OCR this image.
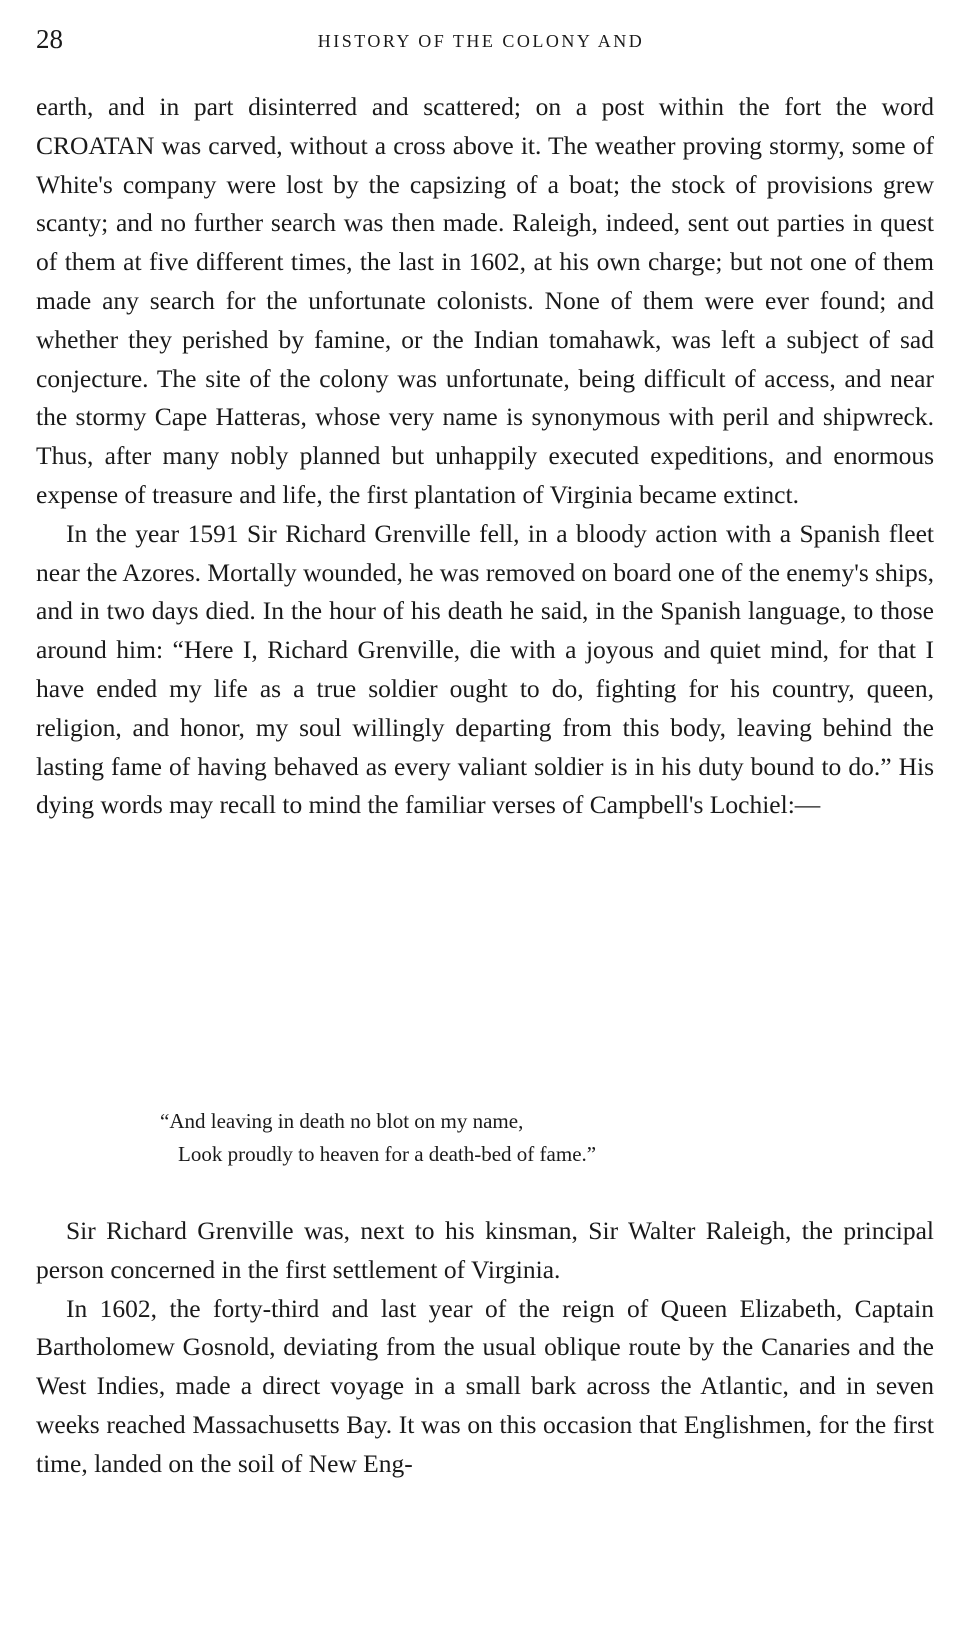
28	HISTORY OF THE COLONY AND

earth, and in part disinterred and scattered; on a post within the fort the word CROATAN was carved, without a cross above it. The weather proving stormy, some of White's company were lost by the capsizing of a boat; the stock of provisions grew scanty; and no further search was then made. Raleigh, indeed, sent out parties in quest of them at five different times, the last in 1602, at his own charge; but not one of them made any search for the unfortunate colonists. None of them were ever found; and whether they perished by famine, or the Indian tomahawk, was left a subject of sad conjecture. The site of the colony was unfortunate, being difficult of access, and near the stormy Cape Hatteras, whose very name is synonymous with peril and shipwreck. Thus, after many nobly planned but unhappily executed expeditions, and enormous expense of treasure and life, the first plantation of Virginia became extinct.

In the year 1591 Sir Richard Grenville fell, in a bloody action with a Spanish fleet near the Azores. Mortally wounded, he was removed on board one of the enemy's ships, and in two days died. In the hour of his death he said, in the Spanish language, to those around him: “Here I, Richard Grenville, die with a joyous and quiet mind, for that I have ended my life as a true soldier ought to do, fighting for his country, queen, religion, and honor, my soul willingly departing from this body, leaving behind the lasting fame of having behaved as every valiant soldier is in his duty bound to do.” His dying words may recall to mind the familiar verses of Campbell's Lochiel:—

“And leaving in death no blot on my name,
Look proudly to heaven for a death-bed of fame.”

Sir Richard Grenville was, next to his kinsman, Sir Walter Raleigh, the principal person concerned in the first settlement of Virginia.

In 1602, the forty-third and last year of the reign of Queen Elizabeth, Captain Bartholomew Gosnold, deviating from the usual oblique route by the Canaries and the West Indies, made a direct voyage in a small bark across the Atlantic, and in seven weeks reached Massachusetts Bay. It was on this occasion that Englishmen, for the first time, landed on the soil of New Eng-
